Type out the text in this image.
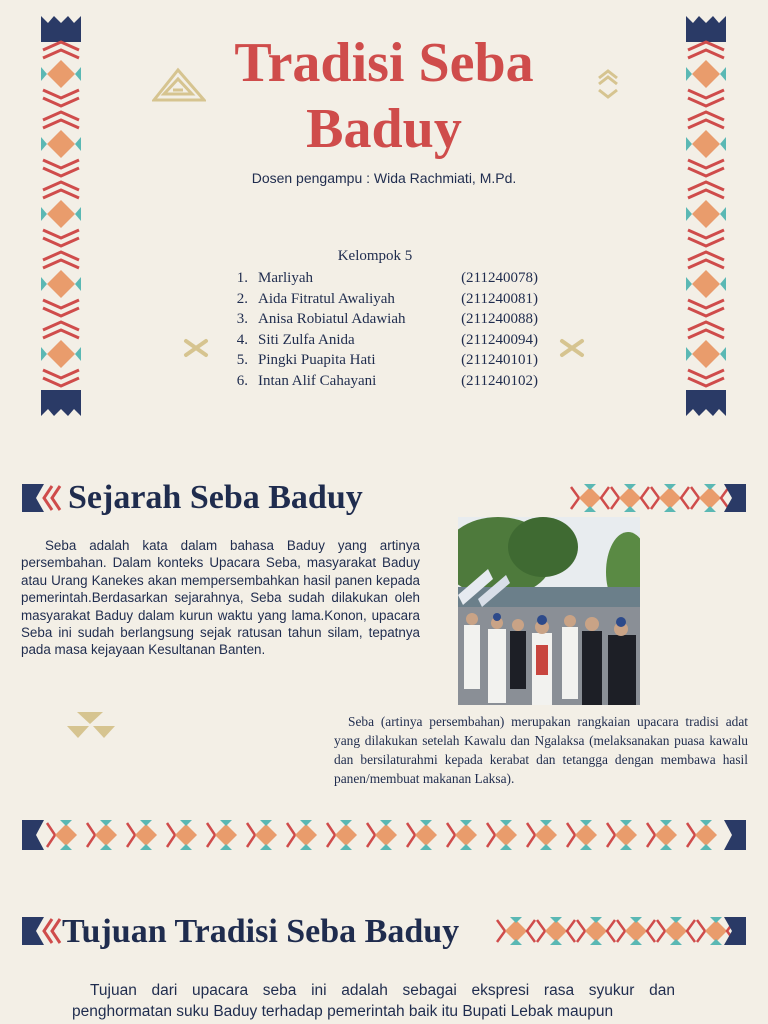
Tradisi Seba Baduy
Dosen pengampu : Wida Rachmiati, M.Pd.
Kelompok 5
1. Marliyah	(211240078)
2. Aida Fitratul Awaliyah	(211240081)
3. Anisa Robiatul Adawiah	(211240088)
4. Siti Zulfa Anida	(211240094)
5. Pingki Puapita Hati	(211240101)
6. Intan Alif Cahayani	(211240102)
Sejarah Seba Baduy
Seba adalah kata dalam bahasa Baduy yang artinya persembahan. Dalam konteks Upacara Seba, masyarakat Baduy atau Urang Kanekes akan mempersembahkan hasil panen kepada pemerintah.Berdasarkan sejarahnya, Seba sudah dilakukan oleh masyarakat Baduy dalam kurun waktu yang lama.Konon, upacara Seba ini sudah berlangsung sejak ratusan tahun silam, tepatnya pada masa kejayaan Kesultanan Banten.
Seba (artinya persembahan) merupakan rangkaian upacara tradisi adat yang dilakukan setelah Kawalu dan Ngalaksa (melaksanakan puasa kawalu dan bersilaturahmi kepada kerabat dan tetangga dengan membawa hasil panen/membuat makanan Laksa).
Tujuan Tradisi Seba Baduy
Tujuan dari upacara seba ini adalah sebagai ekspresi rasa syukur dan penghormatan suku Baduy terhadap pemerintah baik itu Bupati Lebak maupun
